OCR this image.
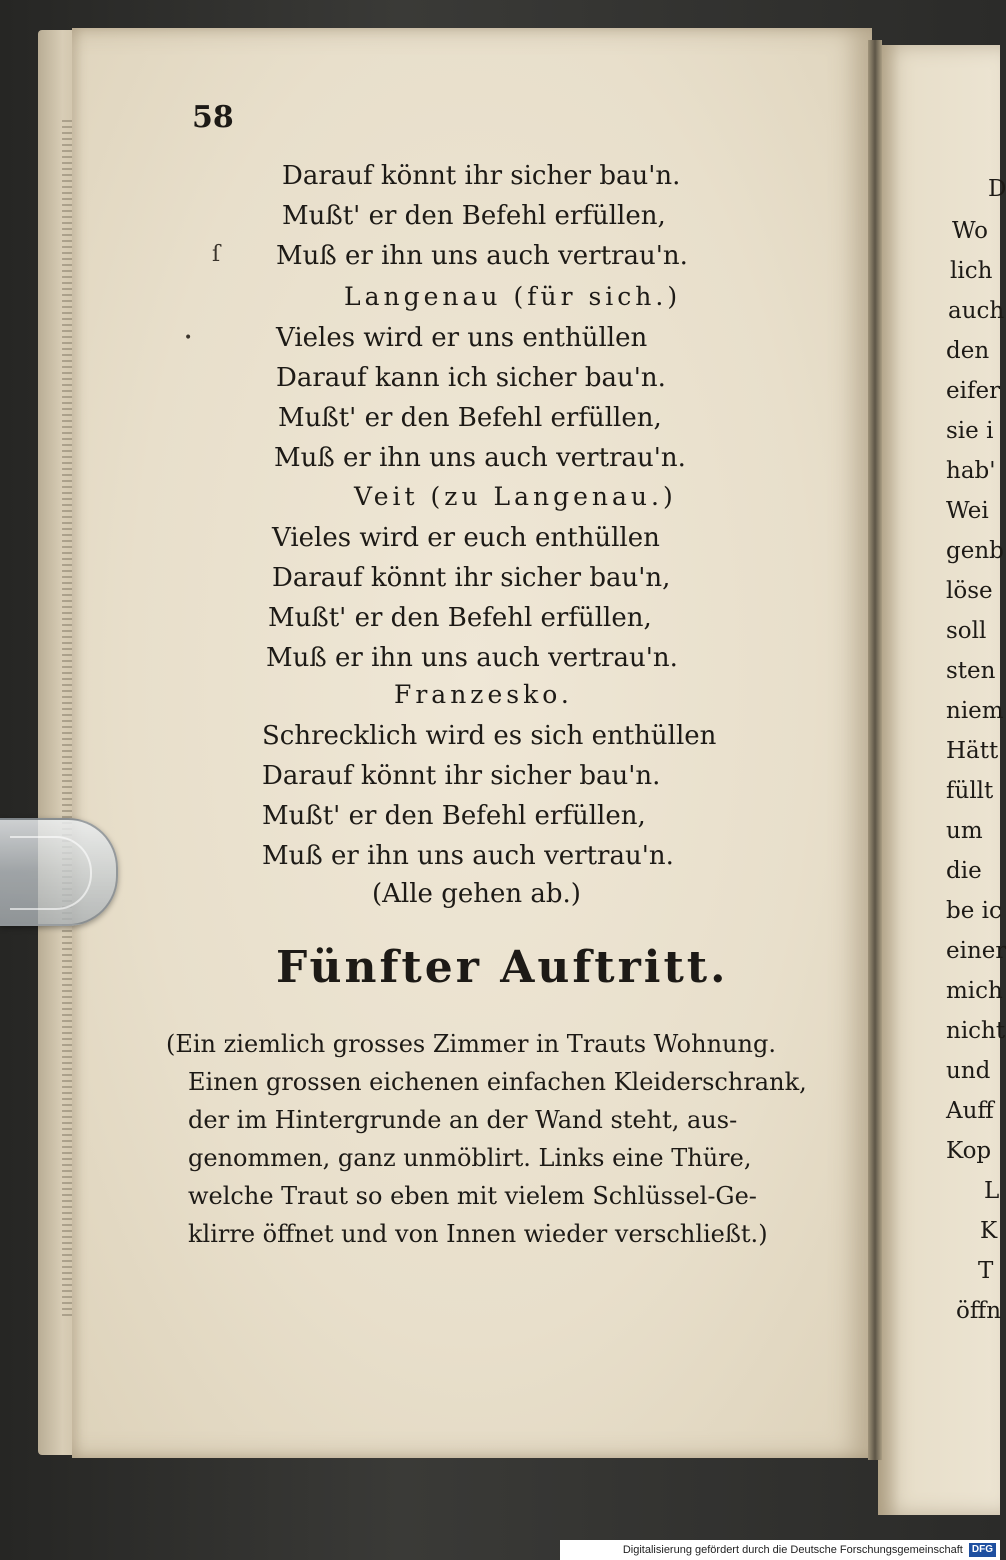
58
Darauf könnt ihr sicher bau'n.
Mußt' er den Befehl erfüllen,
Muß er ihn uns auch vertrau'n.
Langenau (für sich.)
Vieles wird er uns enthüllen
Darauf kann ich sicher bau'n.
Mußt' er den Befehl erfüllen,
Muß er ihn uns auch vertrau'n.
Veit (zu Langenau.)
Vieles wird er euch enthüllen
Darauf könnt ihr sicher bau'n,
Mußt' er den Befehl erfüllen,
Muß er ihn uns auch vertrau'n.
Franzesko.
Schrecklich wird es sich enthüllen
Darauf könnt ihr sicher bau'n.
Mußt' er den Befehl erfüllen,
Muß er ihn uns auch vertrau'n.
(Alle gehen ab.)
Fünfter Auftritt.
(Ein ziemlich grosses Zimmer in Trauts Wohnung.
Einen grossen eichenen einfachen Kleiderschrank,
der im Hintergrunde an der Wand steht, aus-
genommen, ganz unmöblirt. Links eine Thüre,
welche Traut so eben mit vielem Schlüssel-Ge-
klirre öffnet und von Innen wieder verschließt.)
D
Wo
lich
auch
den
eifer
sie i
hab'
Wei
genb
löse
soll
sten
niem
Hätt
füllt
um
die
be ic
einer
mich
nicht
und
Auff
Kop
L
K
T
öffn
ſ
•
Digitalisierung gefördert durch die Deutsche Forschungsgemeinschaft DFG
